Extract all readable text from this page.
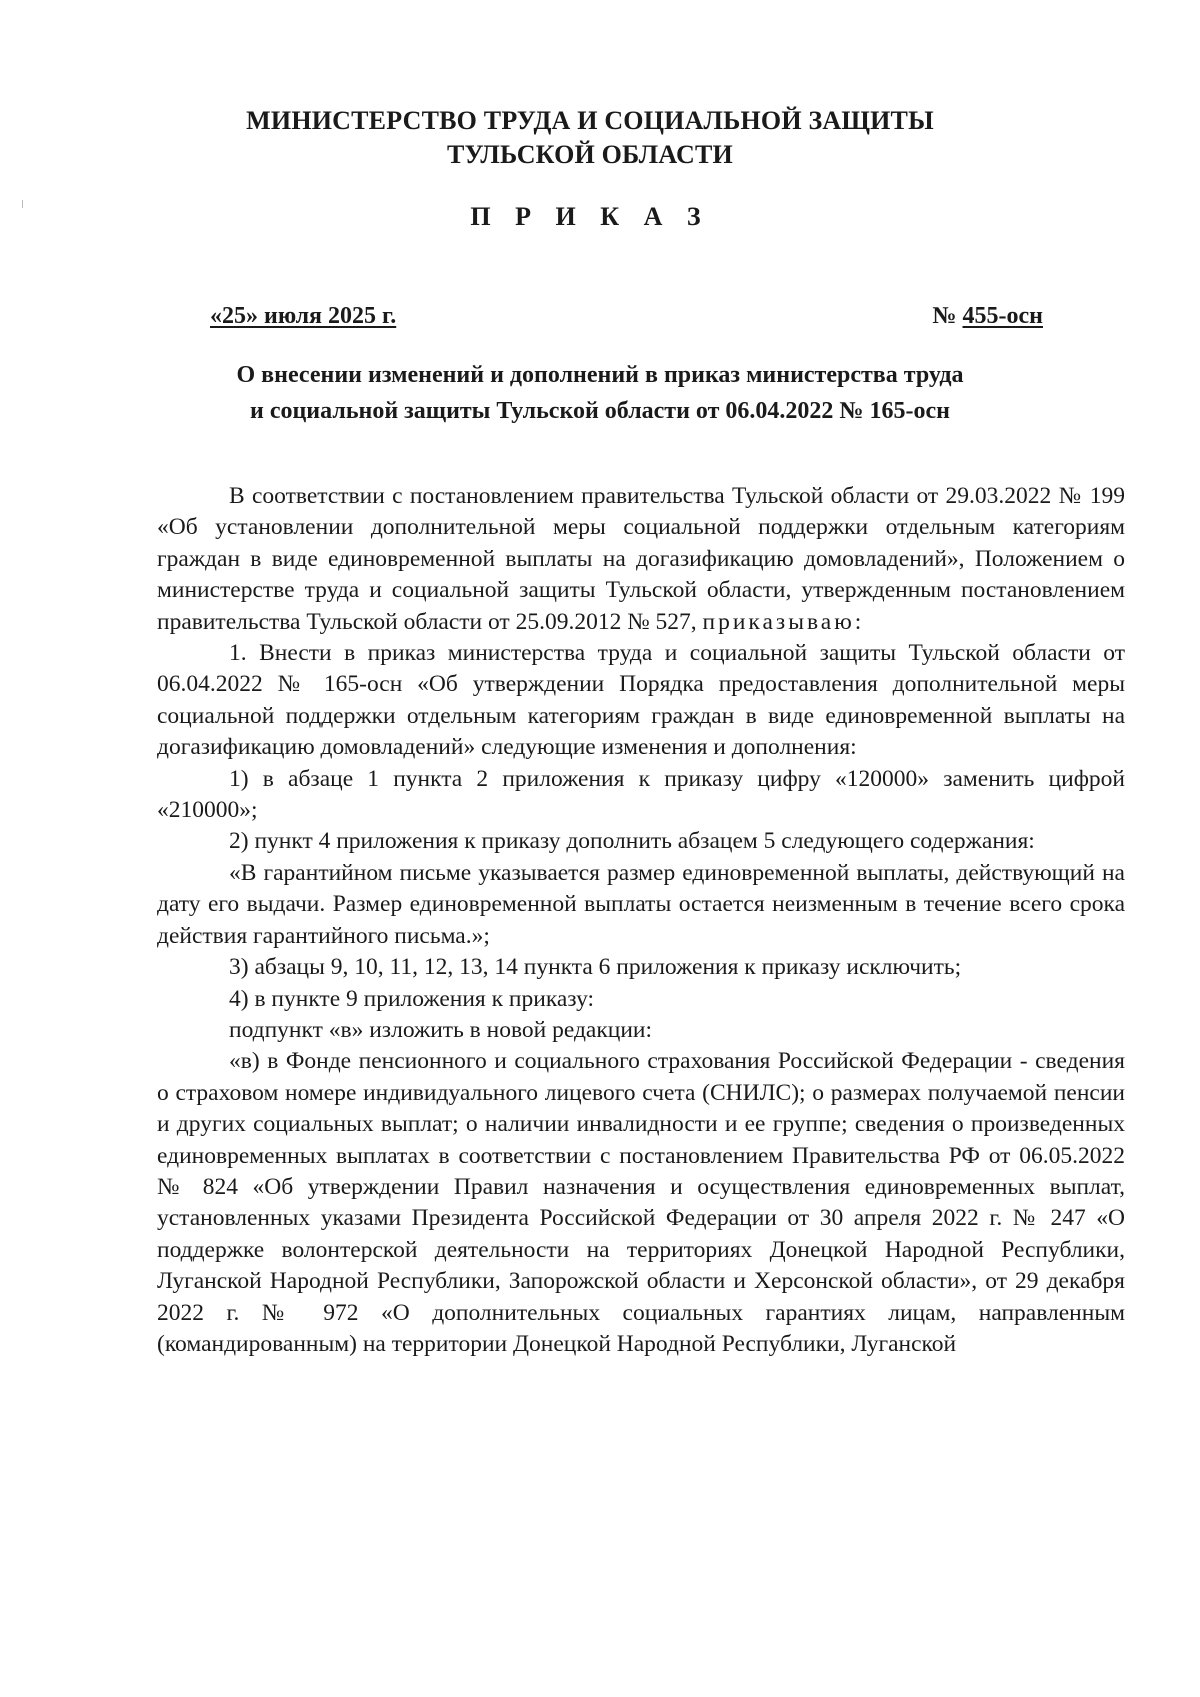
МИНИСТЕРСТВО ТРУДА И СОЦИАЛЬНОЙ ЗАЩИТЫ
ТУЛЬСКОЙ ОБЛАСТИ
П Р И К А З
«25» июля 2025 г.	№ 455-осн
О внесении изменений и дополнений в приказ министерства труда
и социальной защиты Тульской области от 06.04.2022 № 165-осн

В соответствии с постановлением правительства Тульской области от 29.03.2022 № 199 «Об установлении дополнительной меры социальной поддержки отдельным категориям граждан в виде единовременной выплаты на догазификацию домовладений», Положением о министерстве труда и социальной защиты Тульской области, утвержденным постановлением правительства Тульской области от 25.09.2012 № 527, приказываю:

1. Внести в приказ министерства труда и социальной защиты Тульской области от 06.04.2022 № 165-осн «Об утверждении Порядка предоставления дополнительной меры социальной поддержки отдельным категориям граждан в виде единовременной выплаты на догазификацию домовладений» следующие изменения и дополнения:

1) в абзаце 1 пункта 2 приложения к приказу цифру «120000» заменить цифрой «210000»;

2) пункт 4 приложения к приказу дополнить абзацем 5 следующего содержания:

«В гарантийном письме указывается размер единовременной выплаты, действующий на дату его выдачи. Размер единовременной выплаты остается неизменным в течение всего срока действия гарантийного письма.»;

3) абзацы 9, 10, 11, 12, 13, 14 пункта 6 приложения к приказу исключить;

4) в пункте 9 приложения к приказу:

подпункт «в» изложить в новой редакции:

«в) в Фонде пенсионного и социального страхования Российской Федерации - сведения о страховом номере индивидуального лицевого счета (СНИЛС); о размерах получаемой пенсии и других социальных выплат; о наличии инвалидности и ее группе; сведения о произведенных единовременных выплатах в соответствии с постановлением Правительства РФ от 06.05.2022 № 824 «Об утверждении Правил назначения и осуществления единовременных выплат, установленных указами Президента Российской Федерации от 30 апреля 2022 г. № 247 «О поддержке волонтерской деятельности на территориях Донецкой Народной Республики, Луганской Народной Республики, Запорожской области и Херсонской области», от 29 декабря 2022 г. № 972 «О дополнительных социальных гарантиях лицам, направленным (командированным) на территории Донецкой Народной Республики, Луганской
